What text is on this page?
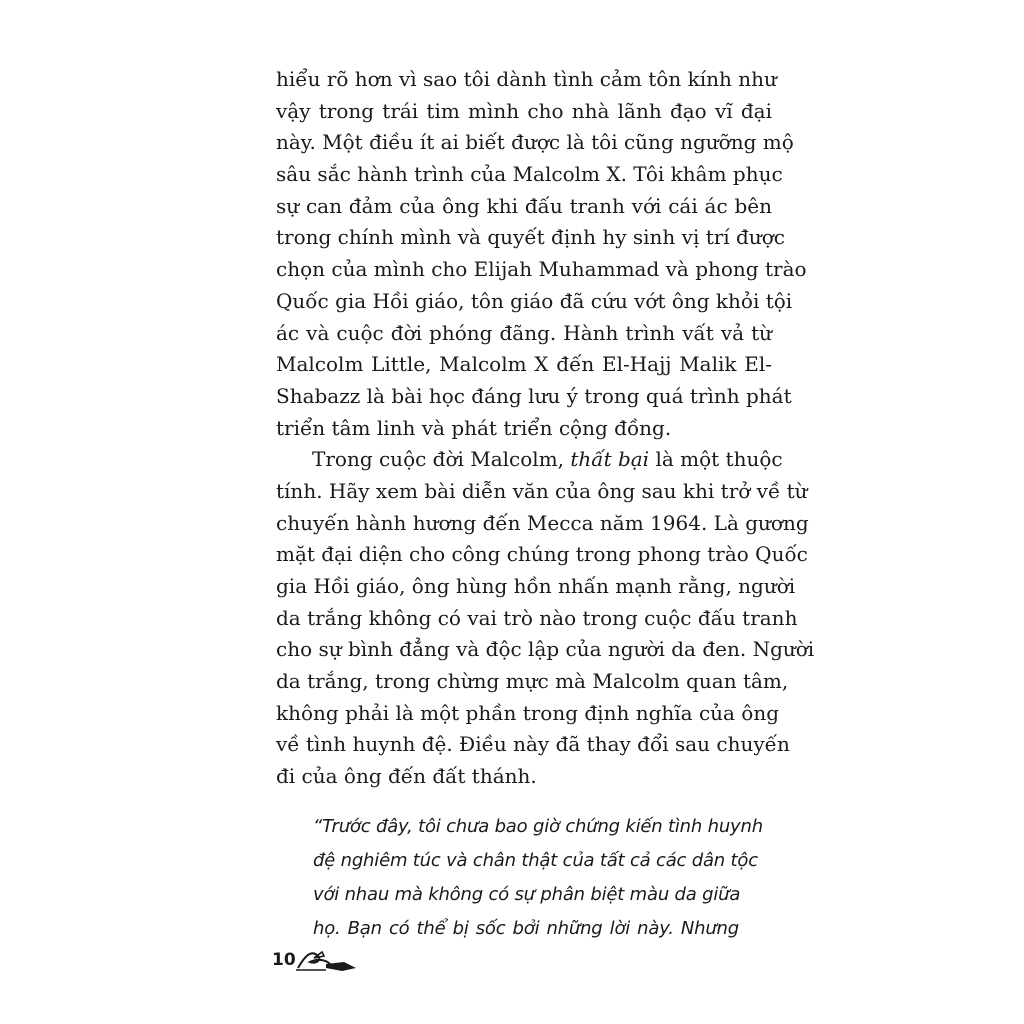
hiểu rõ hơn vì sao tôi dành tình cảm tôn kính như
vậy trong trái tim mình cho nhà lãnh đạo vĩ đại
này. Một điều ít ai biết được là tôi cũng ngưỡng mộ
sâu sắc hành trình của Malcolm X. Tôi khâm phục
sự can đảm của ông khi đấu tranh với cái ác bên
trong chính mình và quyết định hy sinh vị trí được
chọn của mình cho Elijah Muhammad và phong trào
Quốc gia Hồi giáo, tôn giáo đã cứu vớt ông khỏi tội
ác và cuộc đời phóng đãng. Hành trình vất vả từ
Malcolm Little, Malcolm X đến El-Hajj Malik El-
Shabazz là bài học đáng lưu ý trong quá trình phát
triển tâm linh và phát triển cộng đồng.
Trong cuộc đời Malcolm, thất bại là một thuộc
tính. Hãy xem bài diễn văn của ông sau khi trở về từ
chuyến hành hương đến Mecca năm 1964. Là gương
mặt đại diện cho công chúng trong phong trào Quốc
gia Hồi giáo, ông hùng hồn nhấn mạnh rằng, người
da trắng không có vai trò nào trong cuộc đấu tranh
cho sự bình đẳng và độc lập của người da đen. Người
da trắng, trong chừng mực mà Malcolm quan tâm,
không phải là một phần trong định nghĩa của ông
về tình huynh đệ. Điều này đã thay đổi sau chuyến
đi của ông đến đất thánh.
“Trước đây, tôi chưa bao giờ chứng kiến tình huynh
đệ nghiêm túc và chân thật của tất cả các dân tộc
với nhau mà không có sự phân biệt màu da giữa
họ. Bạn có thể bị sốc bởi những lời này. Nhưng
10
